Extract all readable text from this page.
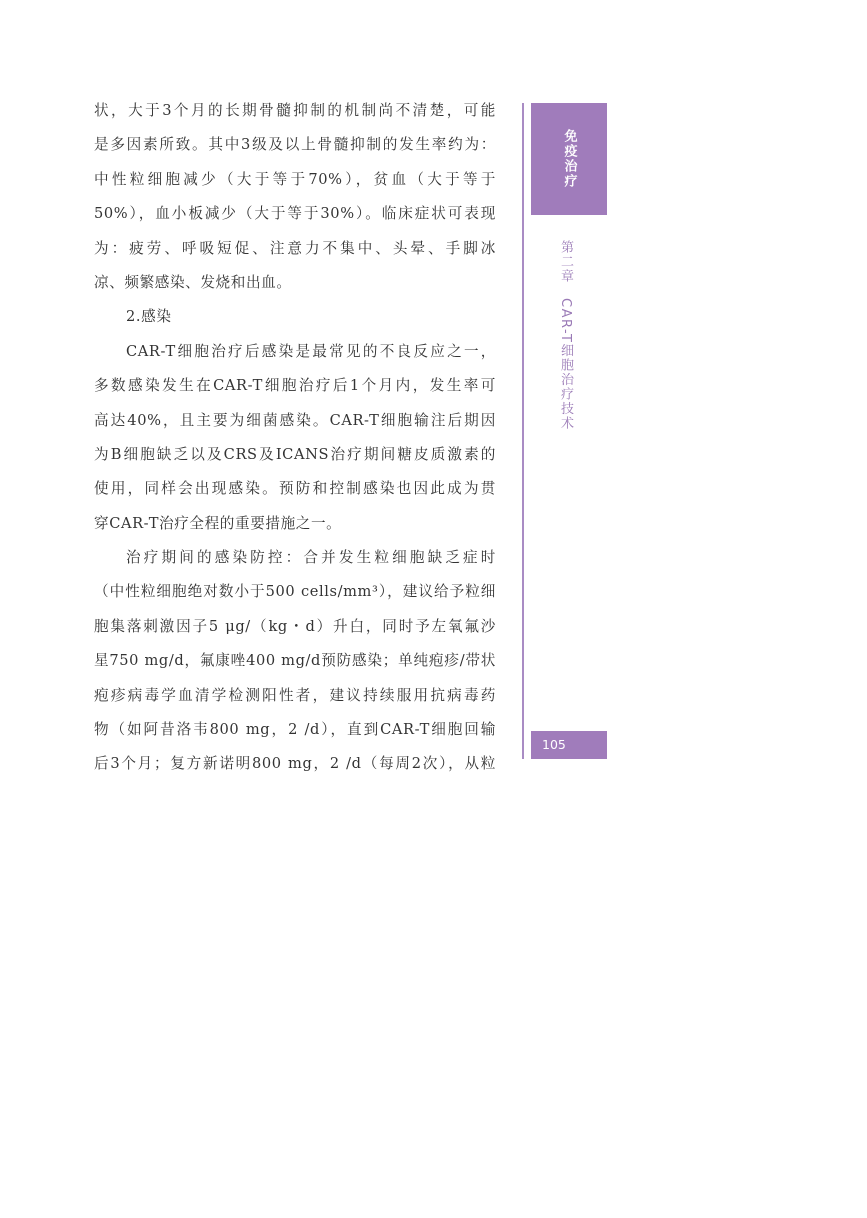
状，大于3个月的长期骨髓抑制的机制尚不清楚，可能
是多因素所致。其中3级及以上骨髓抑制的发生率约为：
中性粒细胞减少（大于等于70%），贫血（大于等于
50%），血小板减少（大于等于30%）。临床症状可表现
为：疲劳、呼吸短促、注意力不集中、头晕、手脚冰
凉、频繁感染、发烧和出血。
2.感染
CAR-T细胞治疗后感染是最常见的不良反应之一，
多数感染发生在CAR-T细胞治疗后1个月内，发生率可
高达40%，且主要为细菌感染。CAR-T细胞输注后期因
为B细胞缺乏以及CRS及ICANS治疗期间糖皮质激素的
使用，同样会出现感染。预防和控制感染也因此成为贯
穿CAR-T治疗全程的重要措施之一。
治疗期间的感染防控：合并发生粒细胞缺乏症时
（中性粒细胞绝对数小于500 cells/mm³），建议给予粒细
胞集落刺激因子5 μg/（kg・d）升白，同时予左氧氟沙
星750 mg/d，氟康唑400 mg/d预防感染；单纯疱疹/带状
疱疹病毒学血清学检测阳性者，建议持续服用抗病毒药
物（如阿昔洛韦800 mg，2 /d），直到CAR-T细胞回输
后3个月；复方新诺明800 mg，2 /d（每周2次），从粒
免疫治疗
第二章　CAR-T细胞治疗技术
105
